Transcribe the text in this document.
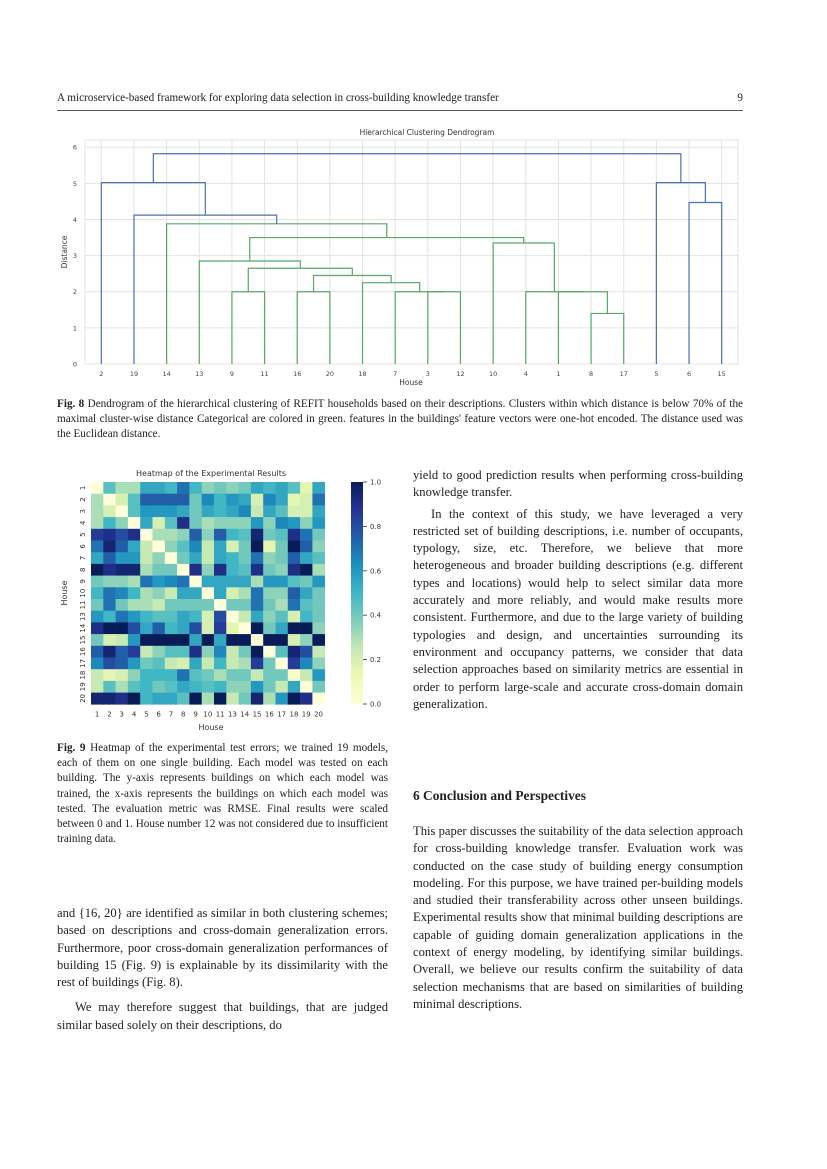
A microservice-based framework for exploring data selection in cross-building knowledge transfer	9
Hierarchical Clustering Dendrogram
0
1
2
3
4
5
6
2	19	14	13	9	11	16	20	18	7	3	12	10	4	1	8	17	5	6	15
House
Distance
Fig. 8 Dendrogram of the hierarchical clustering of REFIT households based on their descriptions. Clusters within which distance is below 70% of the maximal cluster-wise distance Categorical are colored in green. features in the buildings' feature vectors were one-hot encoded. The distance used was the Euclidean distance.
Heatmap of the Experimental Results
1 2 3 4 5 6 7 8 9 10 11 13 14 15 16 17 18 19 20
1
2
3
4
5
6
7
8
9
10
11
13
14
15
16
17
18
19
20
House
House
0.0
0.2
0.4
0.6
0.8
1.0
Fig. 9 Heatmap of the experimental test errors; we trained 19 models, each of them on one single building. Each model was tested on each building. The y-axis represents buildings on which each model was trained, the x-axis represents the buildings on which each model was tested. The evaluation metric was RMSE. Final results were scaled between 0 and 1. House number 12 was not considered due to insufficient training data.

yield to good prediction results when performing cross-building knowledge transfer.

In the context of this study, we have leveraged a very restricted set of building descriptions, i.e. number of occupants, typology, size, etc. Therefore, we believe that more heterogeneous and broader building descriptions (e.g. different types and locations) would help to select similar data more accurately and more reliably, and would make results more consistent. Furthermore, and due to the large variety of building typologies and design, and uncertainties surrounding its environment and occupancy patterns, we consider that data selection approaches based on similarity metrics are essential in order to perform large-scale and accurate cross-domain domain generalization.

6 Conclusion and Perspectives

This paper discusses the suitability of the data selection approach for cross-building knowledge transfer. Evaluation work was conducted on the case study of building energy consumption modeling. For this purpose, we have trained per-building models and studied their transferability across other unseen buildings. Experimental results show that minimal building descriptions are capable of guiding domain generalization applications in the context of energy modeling, by identifying similar buildings. Overall, we believe our results confirm the suitability of data selection mechanisms that are based on similarities of building minimal descriptions.

and {16, 20} are identified as similar in both clustering schemes; based on descriptions and cross-domain generalization errors. Furthermore, poor cross-domain generalization performances of building 15 (Fig. 9) is explainable by its dissimilarity with the rest of buildings (Fig. 8).

We may therefore suggest that buildings, that are judged similar based solely on their descriptions, do
